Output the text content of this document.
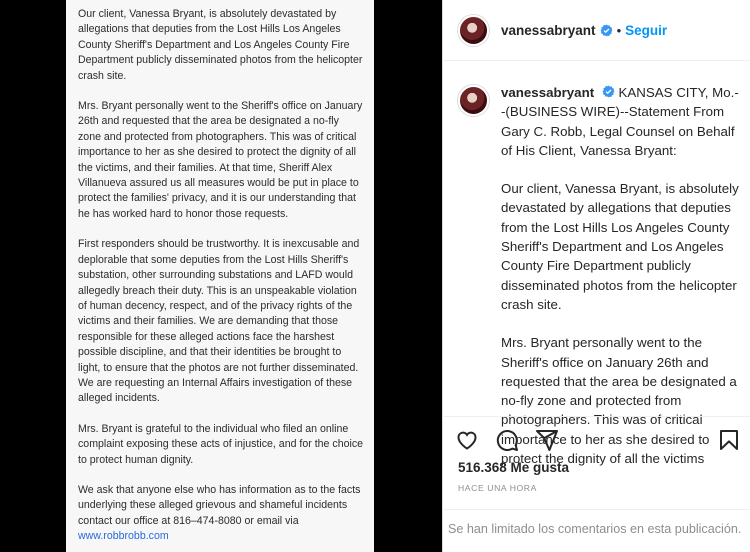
Our client, Vanessa Bryant, is absolutely devastated by allegations that deputies from the Lost Hills Los Angeles County Sheriff's Department and Los Angeles County Fire Department publicly disseminated photos from the helicopter crash site.

Mrs. Bryant personally went to the Sheriff's office on January 26th and requested that the area be designated a no-fly zone and protected from photographers. This was of critical importance to her as she desired to protect the dignity of all the victims, and their families. At that time, Sheriff Alex Villanueva assured us all measures would be put in place to protect the families' privacy, and it is our understanding that he has worked hard to honor those requests.

First responders should be trustworthy. It is inexcusable and deplorable that some deputies from the Lost Hills Sheriff's substation, other surrounding substations and LAFD would allegedly breach their duty. This is an unspeakable violation of human decency, respect, and of the privacy rights of the victims and their families. We are demanding that those responsible for these alleged actions face the harshest possible discipline, and that their identities be brought to light, to ensure that the photos are not further disseminated. We are requesting an Internal Affairs investigation of these alleged incidents.

Mrs. Bryant is grateful to the individual who filed an online complaint exposing these acts of injustice, and for the choice to protect human dignity.

We ask that anyone else who has information as to the facts underlying these alleged grievous and shameful incidents contact our office at 816–474-8080 or email via

www.robbrobb.com
vanessabryant • Seguir
vanessabryant KANSAS CITY, Mo.--(BUSINESS WIRE)--Statement From Gary C. Robb, Legal Counsel on Behalf of His Client, Vanessa Bryant:

Our client, Vanessa Bryant, is absolutely devastated by allegations that deputies from the Lost Hills Los Angeles County Sheriff's Department and Los Angeles County Fire Department publicly disseminated photos from the helicopter crash site.

Mrs. Bryant personally went to the Sheriff's office on January 26th and requested that the area be designated a no-fly zone and protected from photographers. This was of critical importance to her as she desired to protect the dignity of all the victims

516.368 Me gusta
HACE UNA HORA
Se han limitado los comentarios en esta publicación.
